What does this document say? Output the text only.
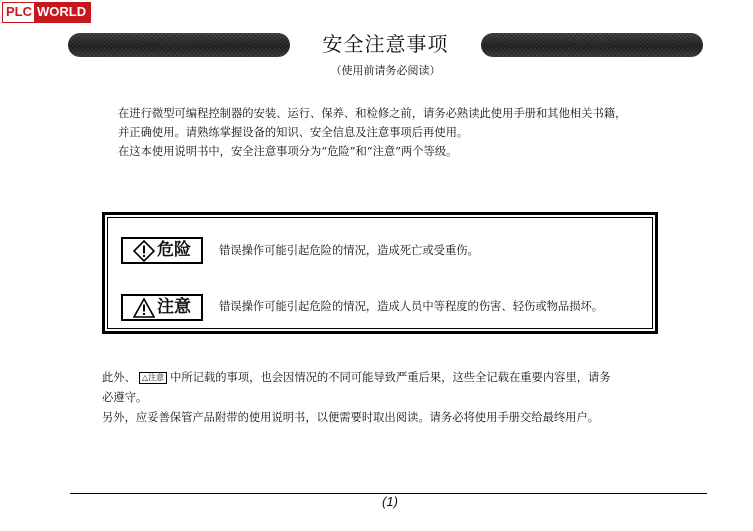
PLC WORLD
安全注意事项
（使用前请务必阅读）

在进行微型可编程控制器的安装、运行、保养、和检修之前，请务必熟读此使用手册和其他相关书籍，

并正确使用。请熟练掌握设备的知识、安全信息及注意事项后再使用。

在这本使用说明书中，安全注意事项分为“危险”和“注意”两个等级。

危险 错误操作可能引起危险的情况，造成死亡或受重伤。
注意 错误操作可能引起危险的情况，造成人员中等程度的伤害、轻伤或物品损坏。

此外、 △注意 中所记载的事项，也会因情况的不同可能导致严重后果，这些全记载在重要内容里，请务

必遵守。

另外，应妥善保管产品附带的使用说明书，以便需要时取出阅读。请务必将使用手册交给最终用户。

(1)
